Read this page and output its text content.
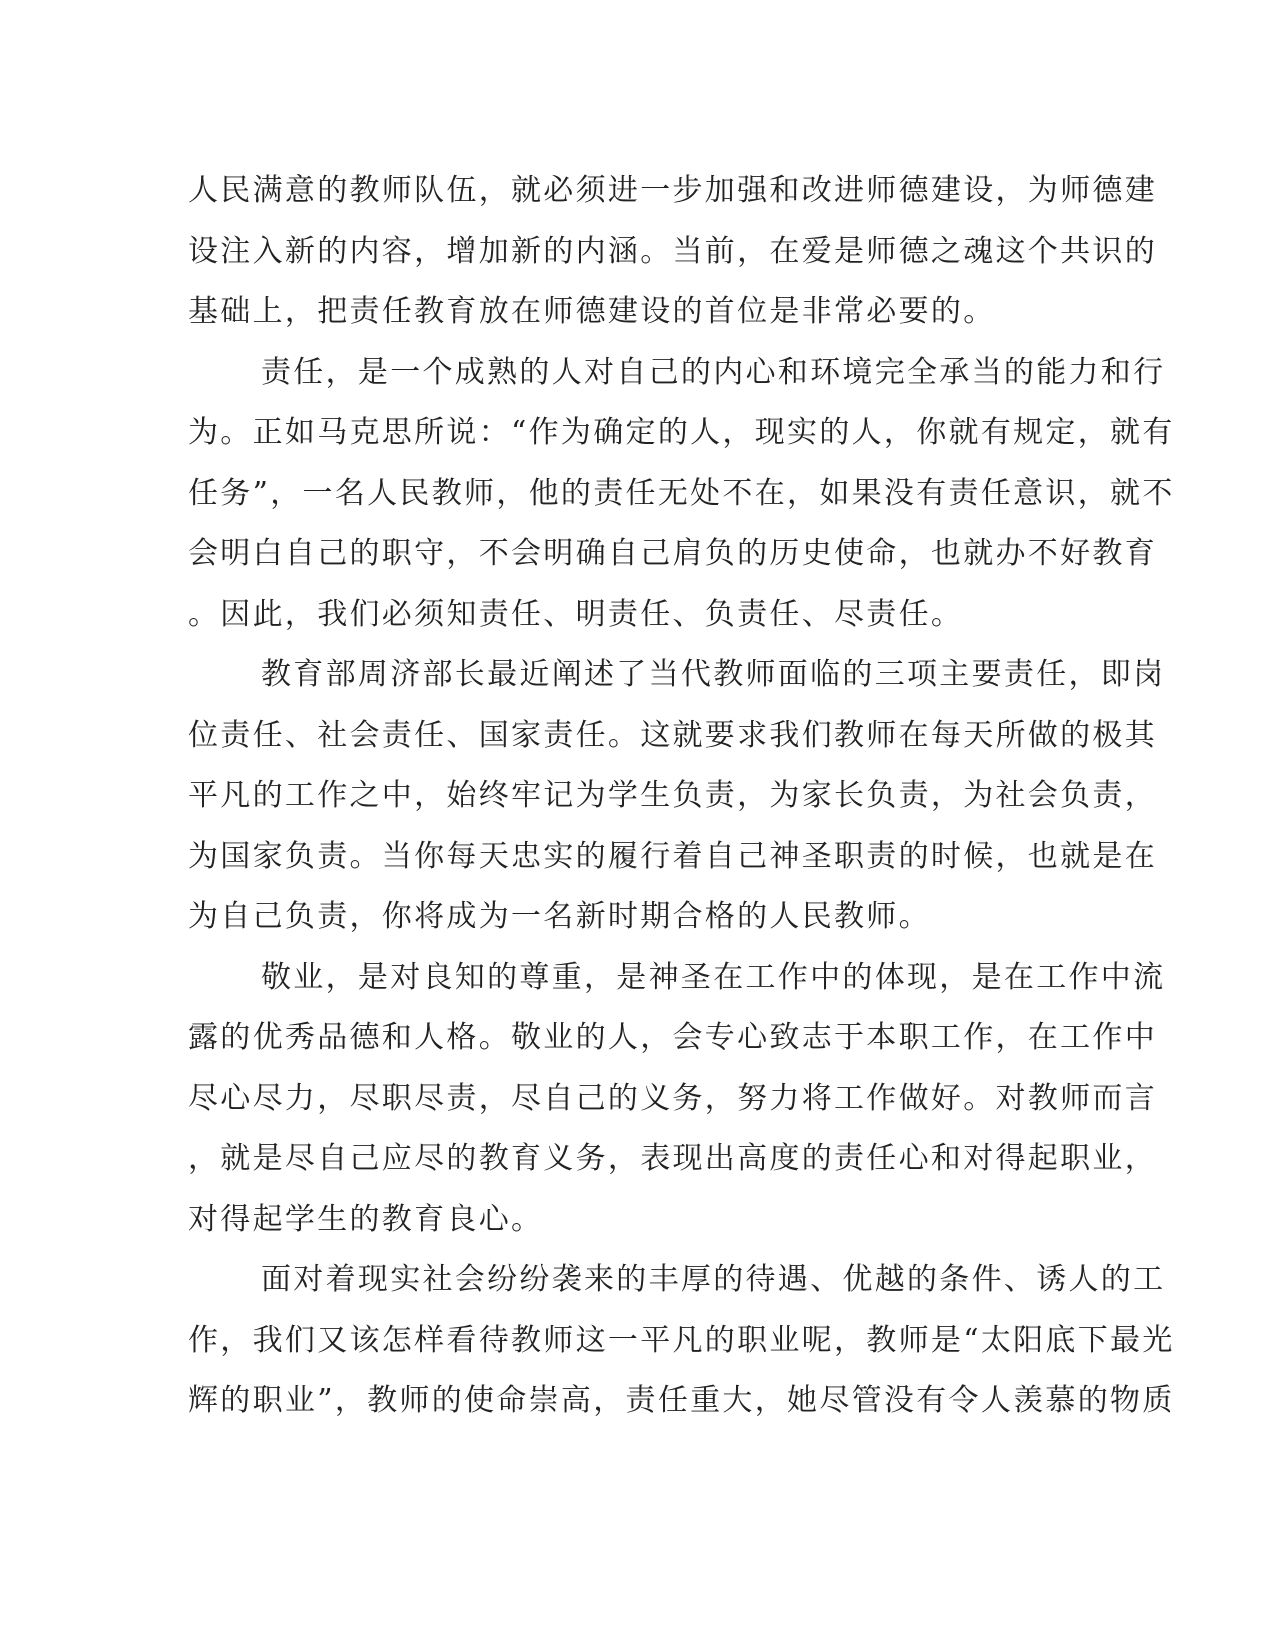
人民满意的教师队伍，就必须进一步加强和改进师德建设，为师德建
设注入新的内容，增加新的内涵。当前，在爱是师德之魂这个共识的
基础上，把责任教育放在师德建设的首位是非常必要的。
责任，是一个成熟的人对自己的内心和环境完全承当的能力和行
为。正如马克思所说：“作为确定的人，现实的人，你就有规定，就有
任务”，一名人民教师，他的责任无处不在，如果没有责任意识，就不
会明白自己的职守，不会明确自己肩负的历史使命，也就办不好教育
。因此，我们必须知责任、明责任、负责任、尽责任。
教育部周济部长最近阐述了当代教师面临的三项主要责任，即岗
位责任、社会责任、国家责任。这就要求我们教师在每天所做的极其
平凡的工作之中，始终牢记为学生负责，为家长负责，为社会负责，
为国家负责。当你每天忠实的履行着自己神圣职责的时候，也就是在
为自己负责，你将成为一名新时期合格的人民教师。
敬业，是对良知的尊重，是神圣在工作中的体现，是在工作中流
露的优秀品德和人格。敬业的人，会专心致志于本职工作，在工作中
尽心尽力，尽职尽责，尽自己的义务，努力将工作做好。对教师而言
，就是尽自己应尽的教育义务，表现出高度的责任心和对得起职业，
对得起学生的教育良心。
面对着现实社会纷纷袭来的丰厚的待遇、优越的条件、诱人的工
作，我们又该怎样看待教师这一平凡的职业呢，教师是“太阳底下最光
辉的职业”，教师的使命崇高，责任重大，她尽管没有令人羡慕的物质
